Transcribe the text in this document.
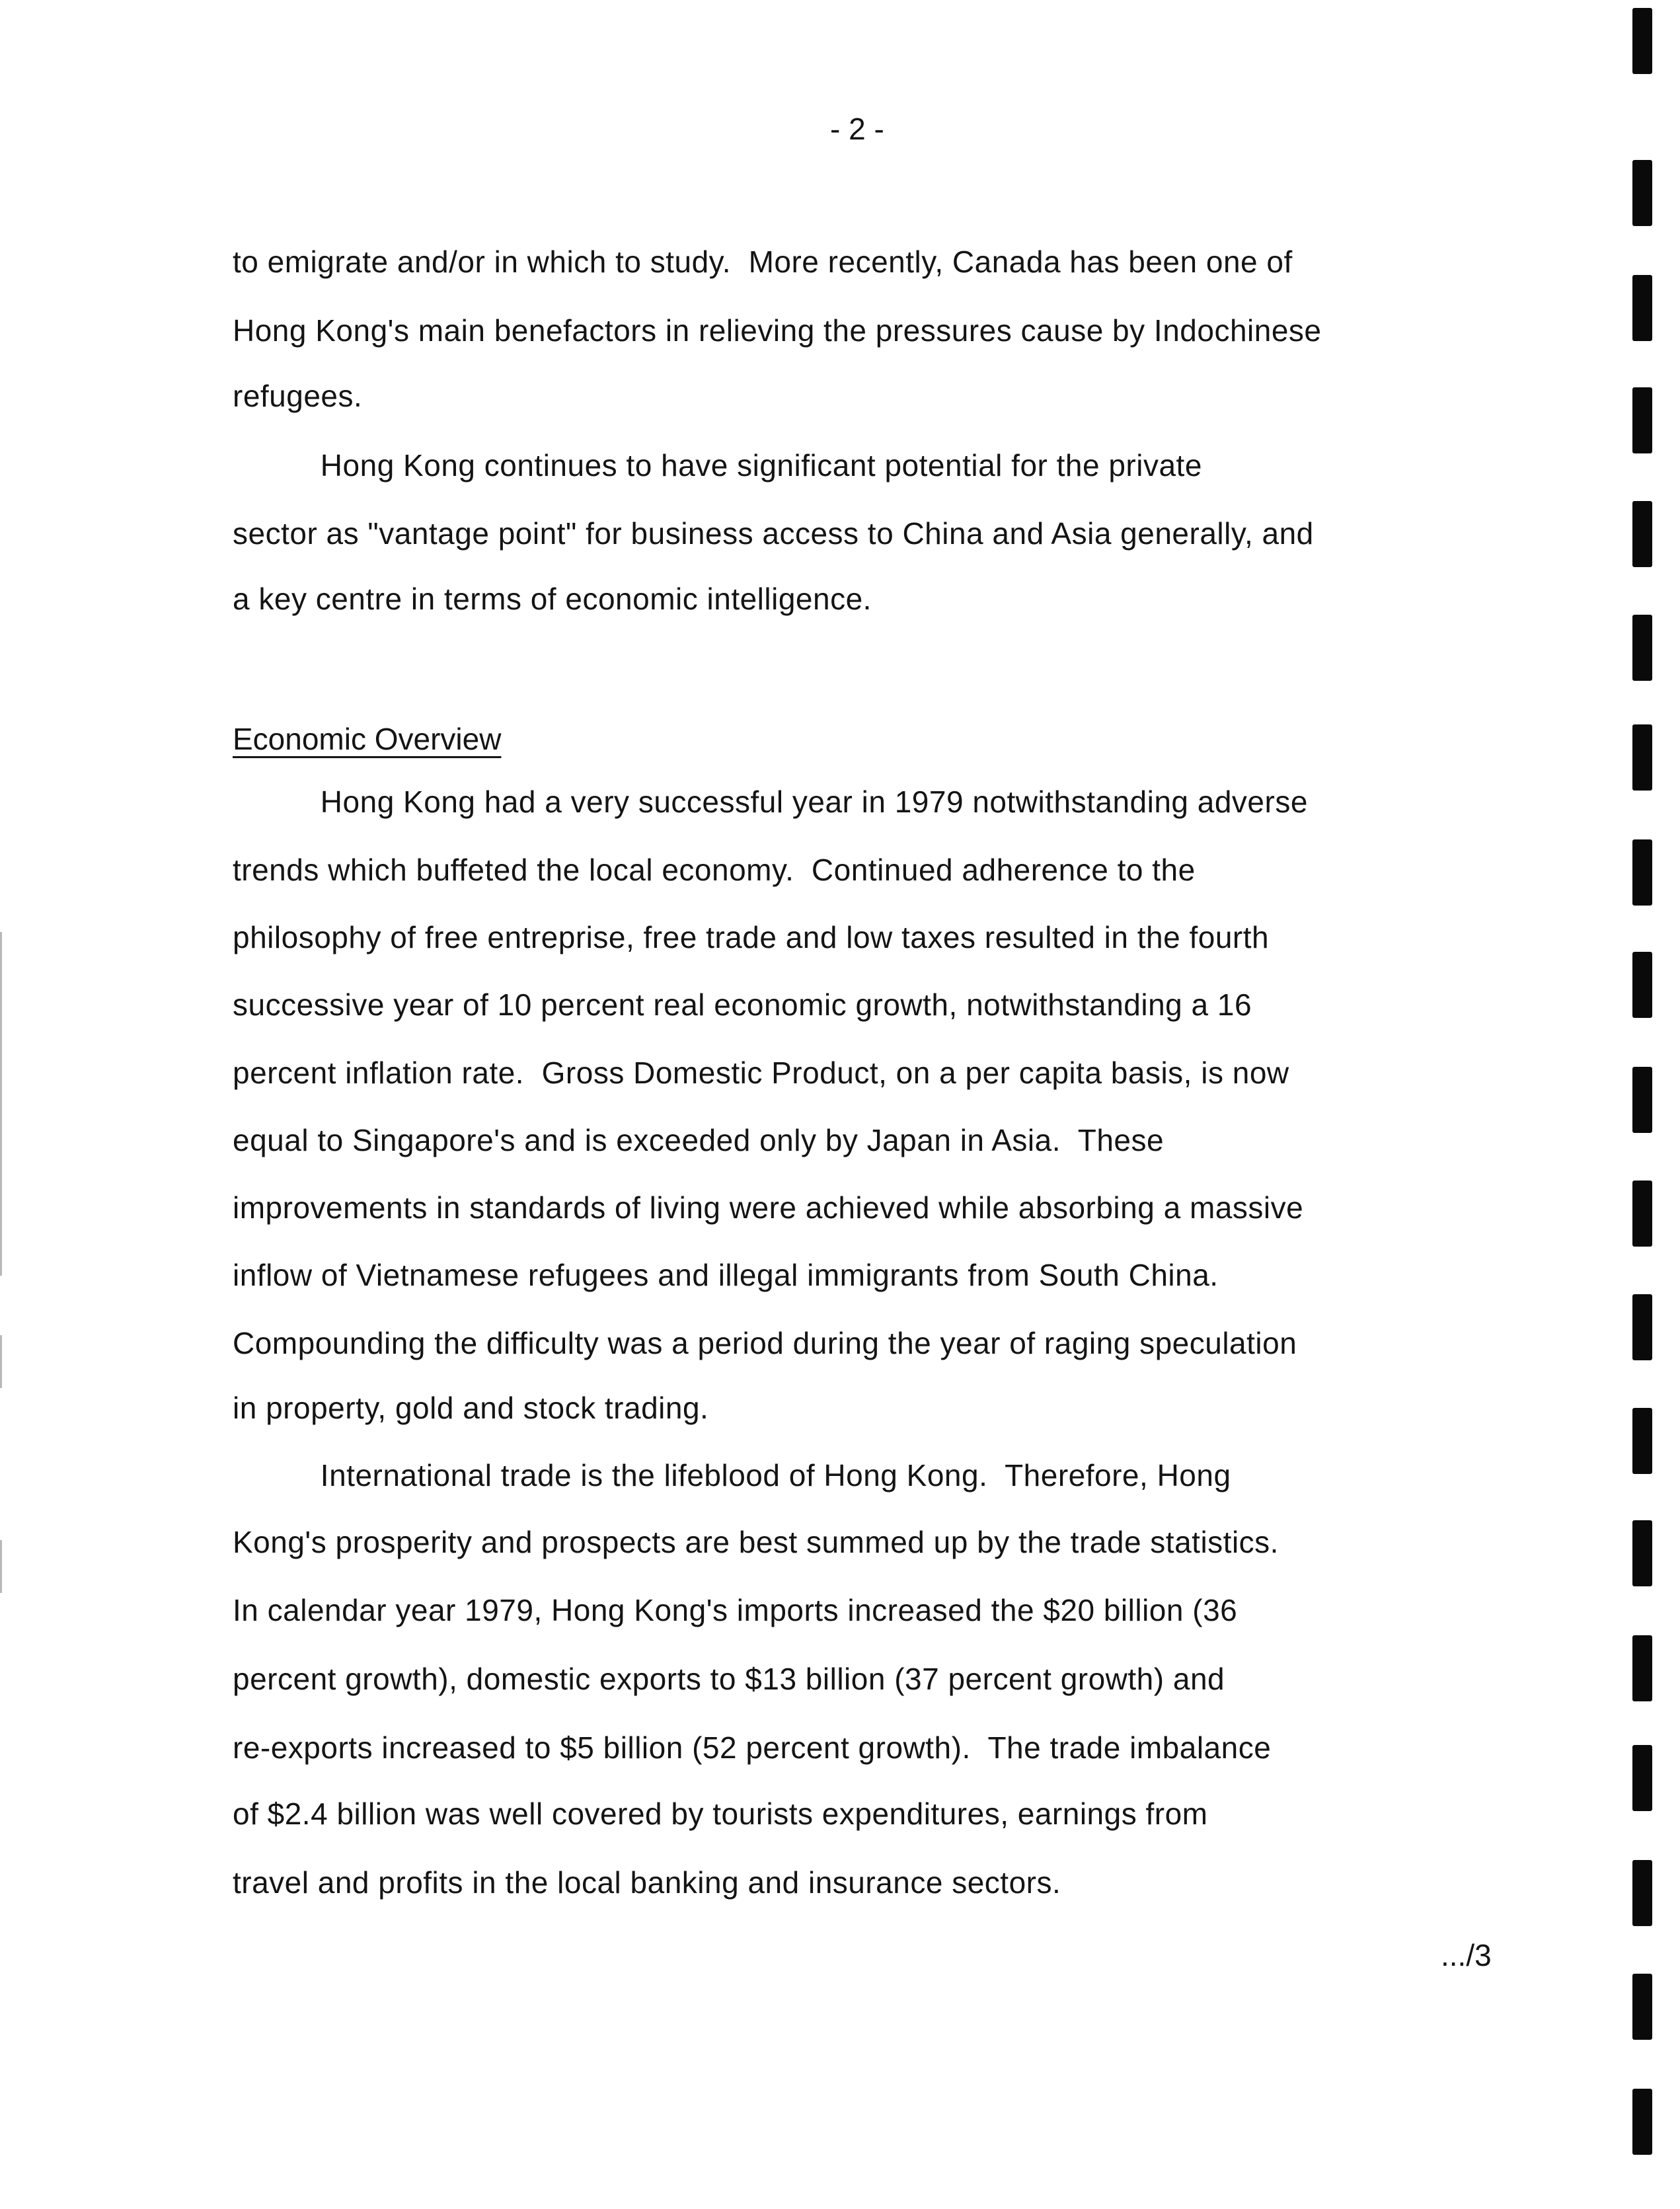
- 2 -
to emigrate and/or in which to study.  More recently, Canada has been one of
Hong Kong's main benefactors in relieving the pressures cause by Indochinese
refugees.
Hong Kong continues to have significant potential for the private
sector as "vantage point" for business access to China and Asia generally, and
a key centre in terms of economic intelligence.
Economic Overview
Hong Kong had a very successful year in 1979 notwithstanding adverse
trends which buffeted the local economy.  Continued adherence to the
philosophy of free entreprise, free trade and low taxes resulted in the fourth
successive year of 10 percent real economic growth, notwithstanding a 16
percent inflation rate.  Gross Domestic Product, on a per capita basis, is now
equal to Singapore's and is exceeded only by Japan in Asia.  These
improvements in standards of living were achieved while absorbing a massive
inflow of Vietnamese refugees and illegal immigrants from South China.
Compounding the difficulty was a period during the year of raging speculation
in property, gold and stock trading.
International trade is the lifeblood of Hong Kong.  Therefore, Hong
Kong's prosperity and prospects are best summed up by the trade statistics.
In calendar year 1979, Hong Kong's imports increased the $20 billion (36
percent growth), domestic exports to $13 billion (37 percent growth) and
re-exports increased to $5 billion (52 percent growth).  The trade imbalance
of $2.4 billion was well covered by tourists expenditures, earnings from
travel and profits in the local banking and insurance sectors.
.../3
